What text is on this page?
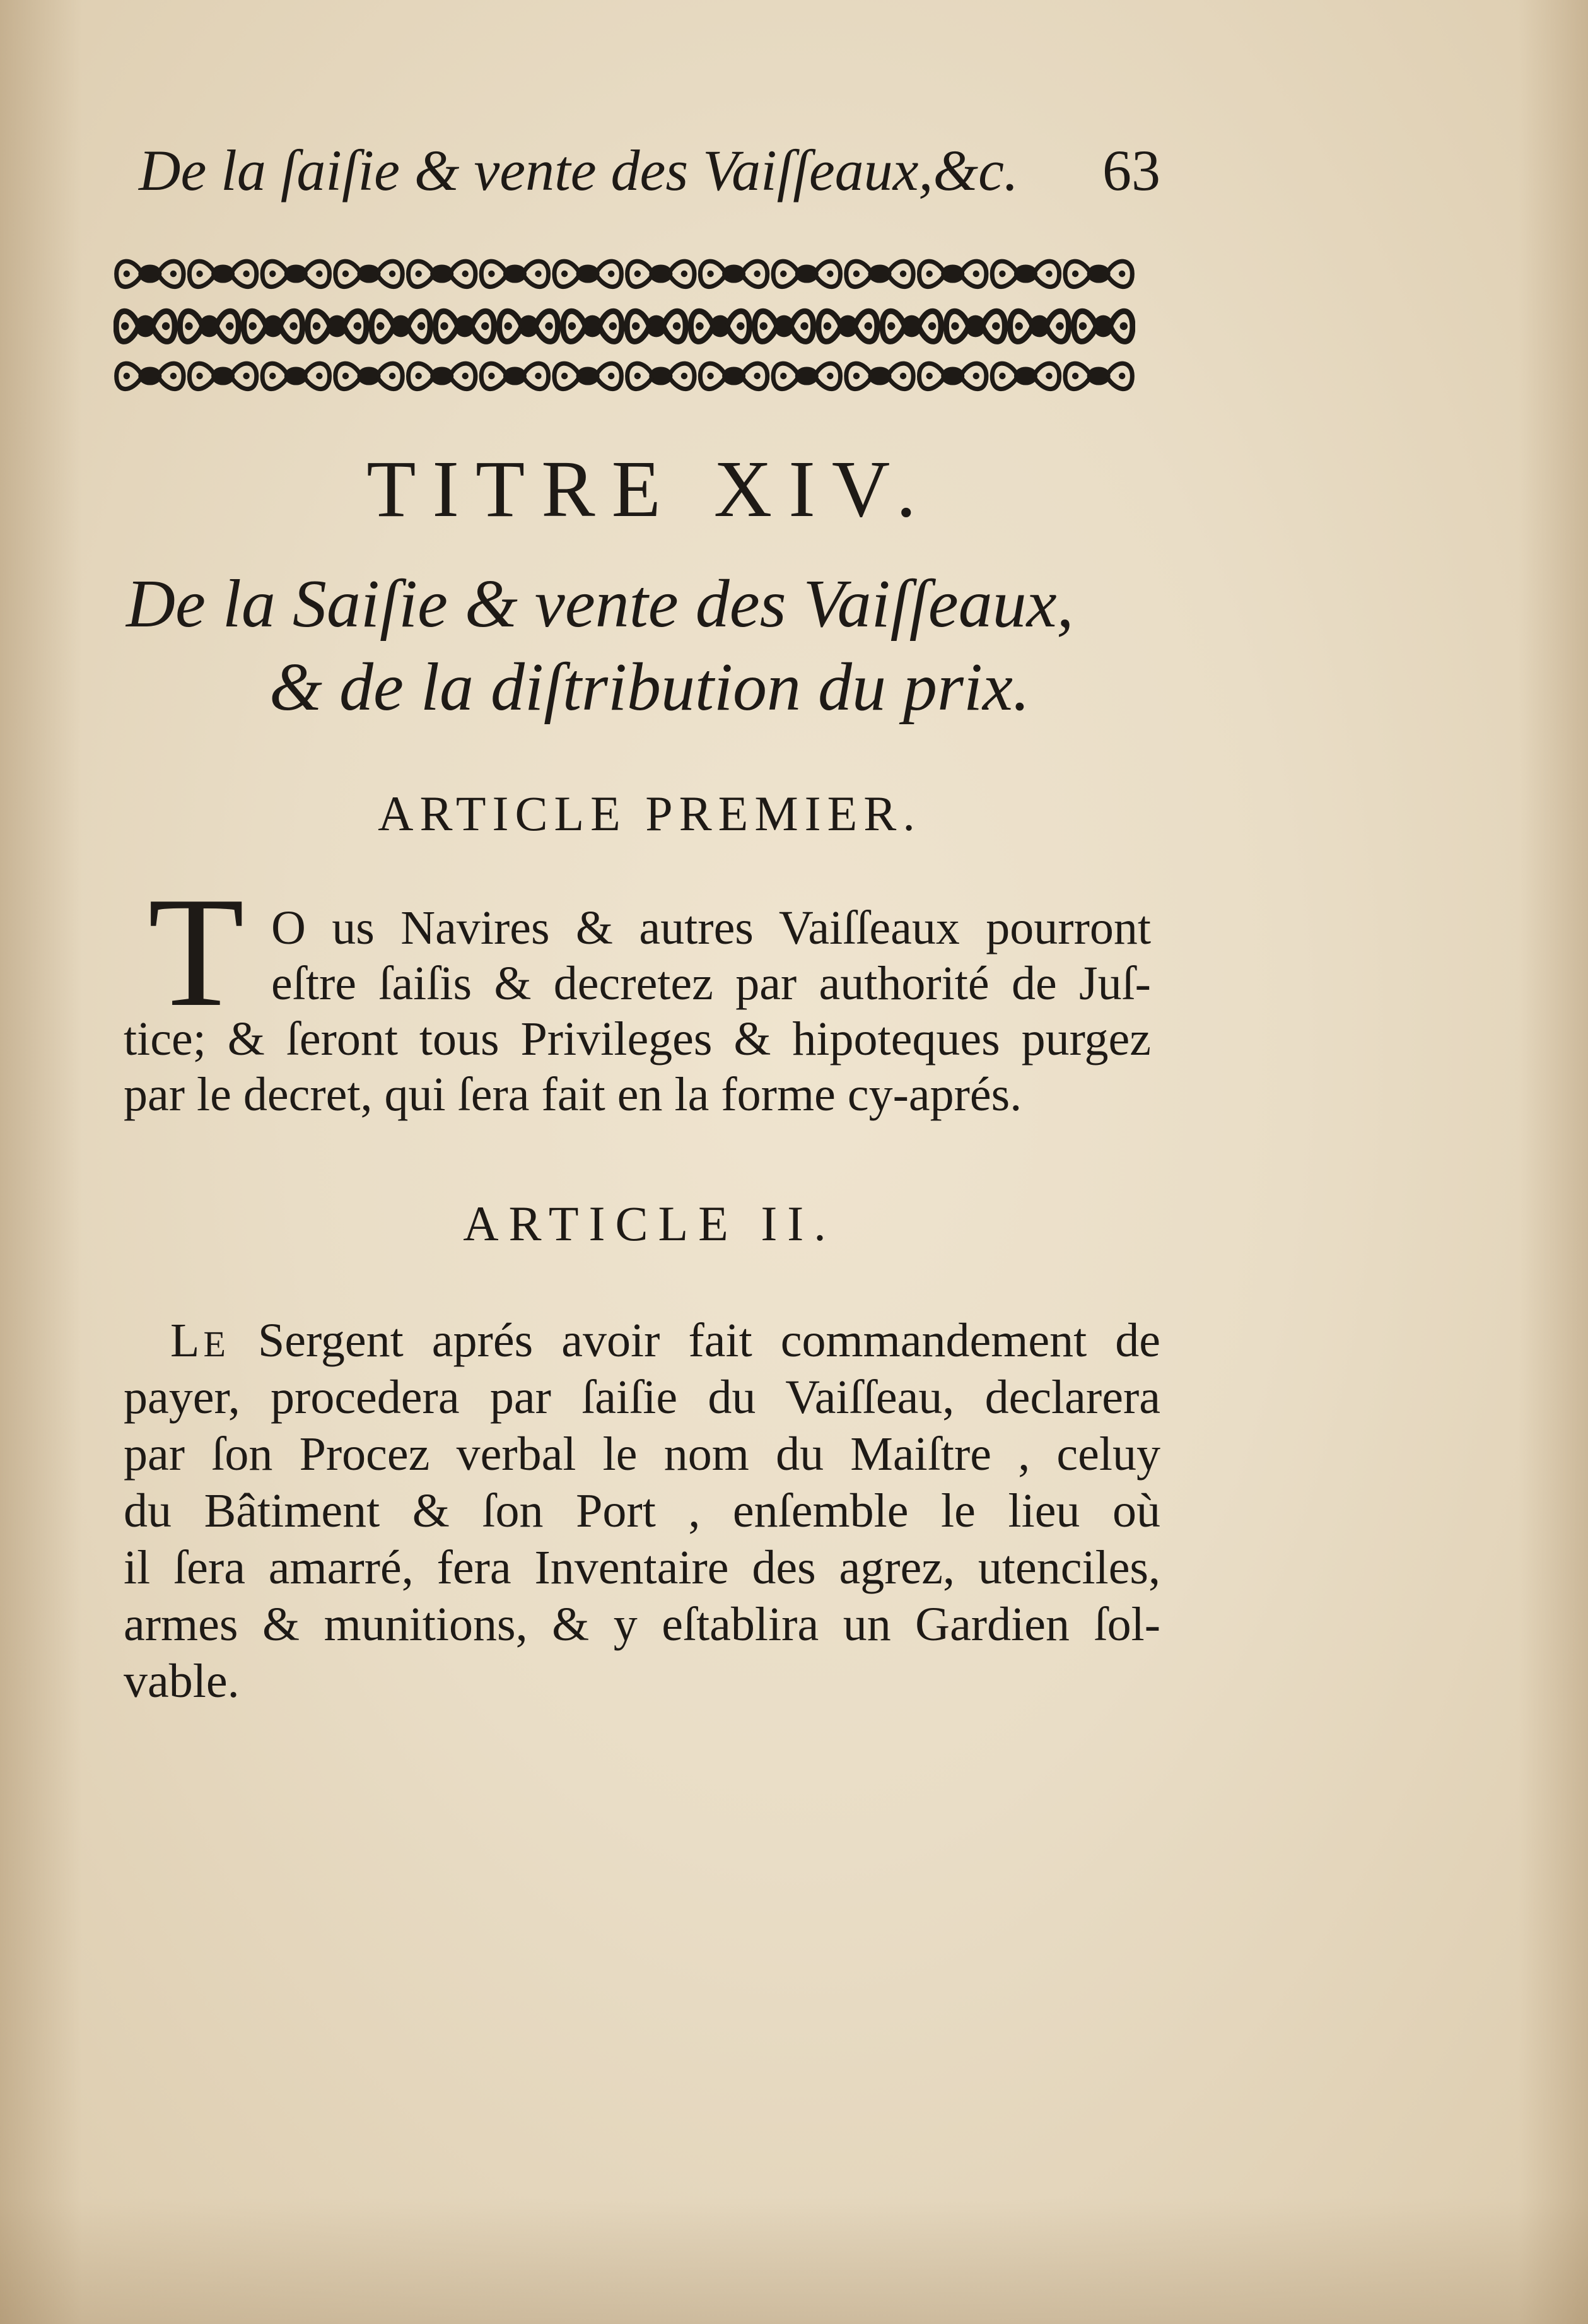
De la ſaiſie & vente des Vaiſſeaux,&c.	63
TITRE XIV.
De la Saiſie & vente des Vaiſſeaux,
& de la diſtribution du prix.
ARTICLE PREMIER.
T O us Navires & autres Vaiſſeaux pourront
eſtre ſaiſis & decretez par authorité de Juſ-
tice; & ſeront tous Privileges & hipoteques purgez
par le decret, qui ſera fait en la forme cy-aprés.
ARTICLE II.
LE Sergent aprés avoir fait commandement de
payer, procedera par ſaiſie du Vaiſſeau, declarera
par ſon Procez verbal le nom du Maiſtre , celuy
du Bâtiment & ſon Port , enſemble le lieu où
il ſera amarré, fera Inventaire des agrez, utenciles,
armes & munitions, & y eſtablira un Gardien ſol-
vable.
